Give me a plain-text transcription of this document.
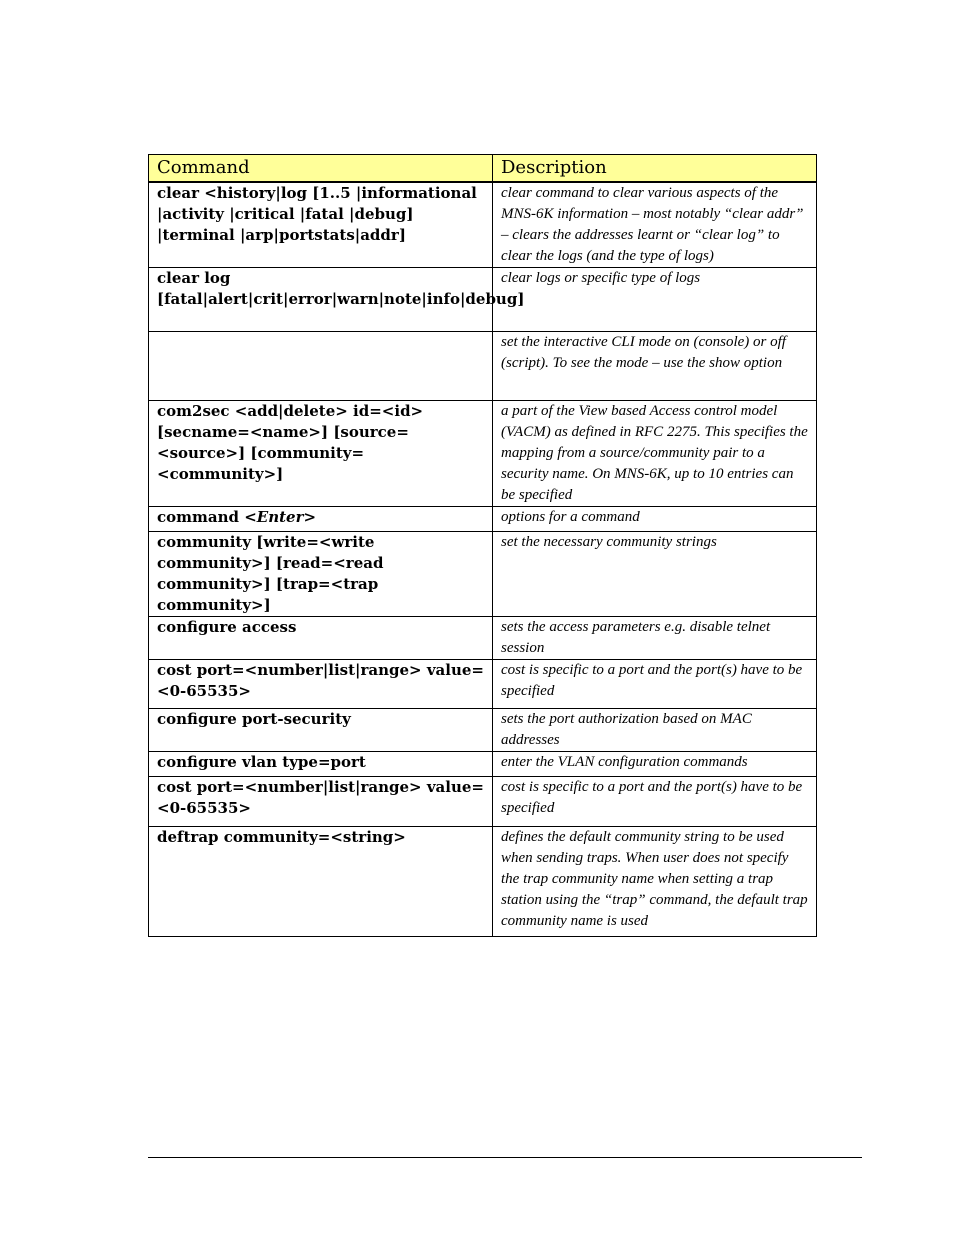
Command	Description
clear <history|log [1..5 |informational |activity |critical |fatal |debug] |terminal |arp|portstats|addr]	clear command to clear various aspects of the MNS-6K information – most notably “clear addr” – clears the addresses learnt or “clear log” to clear the logs (and the type of logs)
clear log [fatal|alert|crit|error|warn|note|info|debug]	clear logs or specific type of logs
	set the interactive CLI mode on (console) or off (script). To see the mode – use the show option
com2sec <add|delete> id=<id> [secname=<name>] [source=<source>] [community=<community>]	a part of the View based Access control model (VACM) as defined in RFC 2275. This specifies the mapping from a source/community pair to a security name. On MNS-6K, up to 10 entries can be specified
command <Enter>	options for a command
community [write=<write community>] [read=<read community>] [trap=<trap community>]	set the necessary community strings
configure access	sets the access parameters e.g. disable telnet session
cost port=<number|list|range> value=<0-65535>	cost is specific to a port and the port(s) have to be specified
configure port-security	sets the port authorization based on MAC addresses
configure vlan type=port	enter the VLAN configuration commands
cost port=<number|list|range> value=<0-65535>	cost is specific to a port and the port(s) have to be specified
deftrap community=<string>	defines the default community string to be used when sending traps. When user does not specify the trap community name when setting a trap station using the “trap” command, the default trap community name is used
